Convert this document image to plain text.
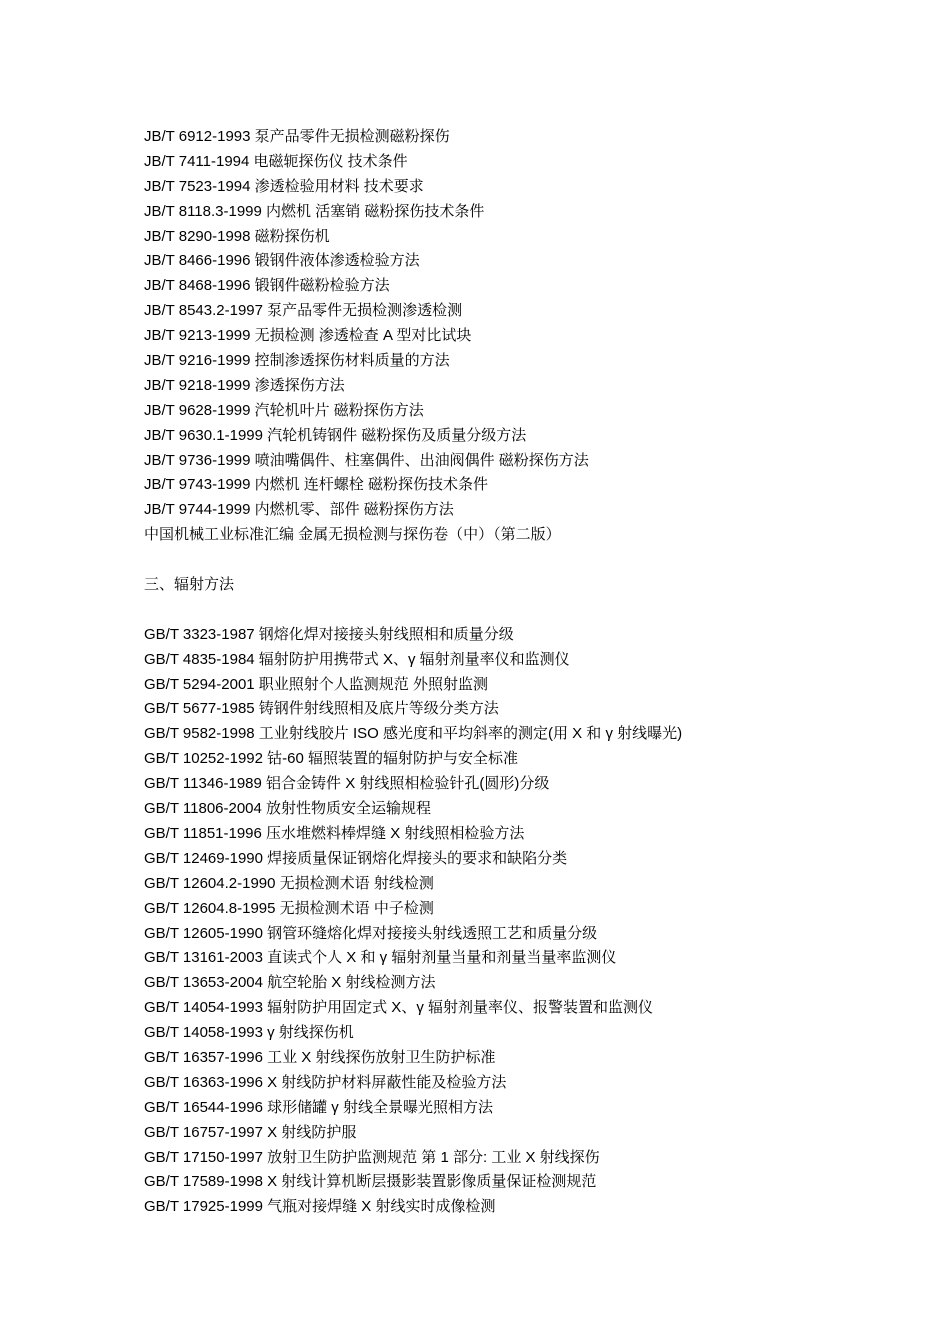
JB/T 6912-1993 泵产品零件无损检测磁粉探伤
JB/T 7411-1994 电磁轭探伤仪 技术条件
JB/T 7523-1994 渗透检验用材料 技术要求
JB/T 8118.3-1999 内燃机 活塞销 磁粉探伤技术条件
JB/T 8290-1998 磁粉探伤机
JB/T 8466-1996 锻钢件液体渗透检验方法
JB/T 8468-1996 锻钢件磁粉检验方法
JB/T 8543.2-1997 泵产品零件无损检测渗透检测
JB/T 9213-1999 无损检测 渗透检查 A 型对比试块
JB/T 9216-1999 控制渗透探伤材料质量的方法
JB/T 9218-1999 渗透探伤方法
JB/T 9628-1999 汽轮机叶片 磁粉探伤方法
JB/T 9630.1-1999 汽轮机铸钢件 磁粉探伤及质量分级方法
JB/T 9736-1999 喷油嘴偶件、柱塞偶件、出油阀偶件 磁粉探伤方法
JB/T 9743-1999 内燃机 连杆螺栓 磁粉探伤技术条件
JB/T 9744-1999 内燃机零、部件 磁粉探伤方法
中国机械工业标准汇编 金属无损检测与探伤卷（中）（第二版）
三、辐射方法
GB/T 3323-1987 钢熔化焊对接接头射线照相和质量分级
GB/T 4835-1984 辐射防护用携带式 X、γ 辐射剂量率仪和监测仪
GB/T 5294-2001 职业照射个人监测规范 外照射监测
GB/T 5677-1985 铸钢件射线照相及底片等级分类方法
GB/T 9582-1998 工业射线胶片 ISO 感光度和平均斜率的测定(用 X 和 γ 射线曝光)
GB/T 10252-1992 钴-60 辐照装置的辐射防护与安全标准
GB/T 11346-1989 铝合金铸件 X 射线照相检验针孔(圆形)分级
GB/T 11806-2004 放射性物质安全运输规程
GB/T 11851-1996 压水堆燃料棒焊缝 X 射线照相检验方法
GB/T 12469-1990 焊接质量保证钢熔化焊接头的要求和缺陷分类
GB/T 12604.2-1990 无损检测术语 射线检测
GB/T 12604.8-1995 无损检测术语 中子检测
GB/T 12605-1990 钢管环缝熔化焊对接接头射线透照工艺和质量分级
GB/T 13161-2003 直读式个人 X 和 γ 辐射剂量当量和剂量当量率监测仪
GB/T 13653-2004 航空轮胎 X 射线检测方法
GB/T 14054-1993 辐射防护用固定式 X、γ 辐射剂量率仪、报警装置和监测仪
GB/T 14058-1993 γ 射线探伤机
GB/T 16357-1996 工业 X 射线探伤放射卫生防护标准
GB/T 16363-1996 X 射线防护材料屏蔽性能及检验方法
GB/T 16544-1996 球形储罐 γ 射线全景曝光照相方法
GB/T 16757-1997 X 射线防护服
GB/T 17150-1997 放射卫生防护监测规范 第 1 部分: 工业 X 射线探伤
GB/T 17589-1998 X 射线计算机断层摄影装置影像质量保证检测规范
GB/T 17925-1999 气瓶对接焊缝 X 射线实时成像检测
